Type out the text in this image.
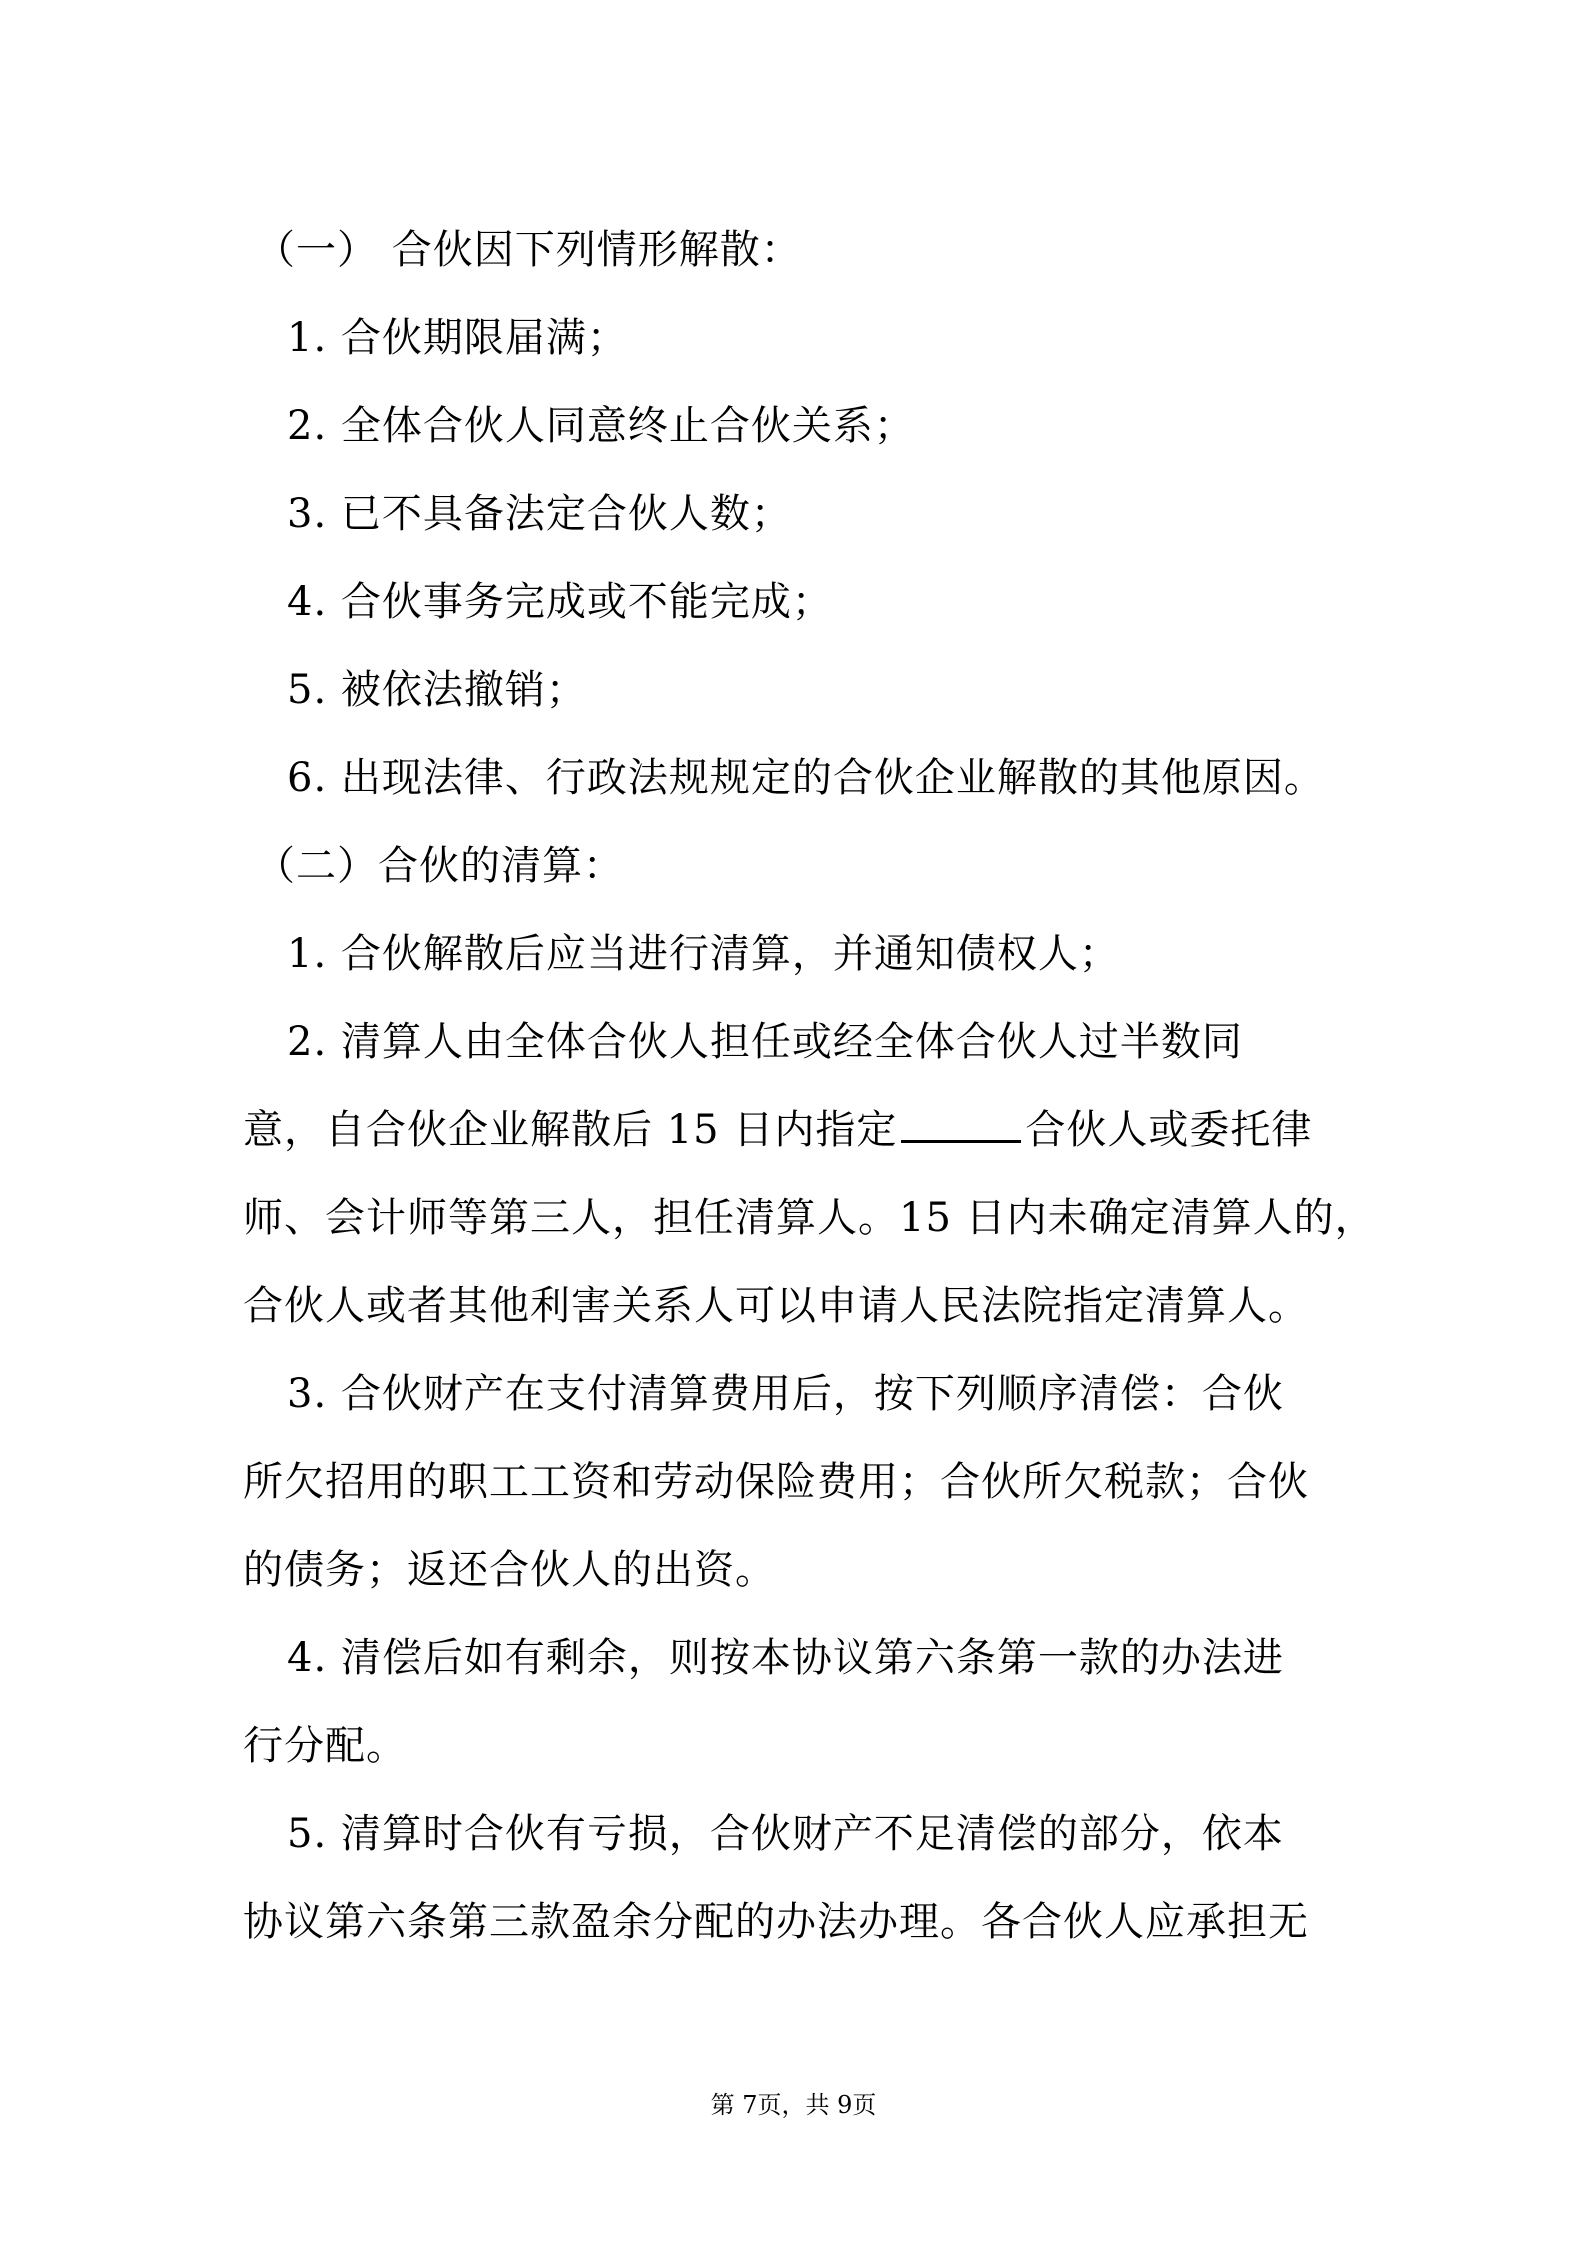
（一） 合伙因下列情形解散：
1. 合伙期限届满；
2. 全体合伙人同意终止合伙关系；
3. 已不具备法定合伙人数；
4. 合伙事务完成或不能完成；
5. 被依法撤销；
6. 出现法律、行政法规规定的合伙企业解散的其他原因。
（二）合伙的清算：
1. 合伙解散后应当进行清算，并通知债权人；
2. 清算人由全体合伙人担任或经全体合伙人过半数同
意，自合伙企业解散后 15 日内指定	合伙人或委托律
师、会计师等第三人，担任清算人。15 日内未确定清算人的，
合伙人或者其他利害关系人可以申请人民法院指定清算人。
3. 合伙财产在支付清算费用后，按下列顺序清偿：合伙
所欠招用的职工工资和劳动保险费用；合伙所欠税款；合伙
的债务；返还合伙人的出资。
4. 清偿后如有剩余，则按本协议第六条第一款的办法进
行分配。
5. 清算时合伙有亏损，合伙财产不足清偿的部分，依本
协议第六条第三款盈余分配的办法办理。各合伙人应承担无
第 7页，共 9页
